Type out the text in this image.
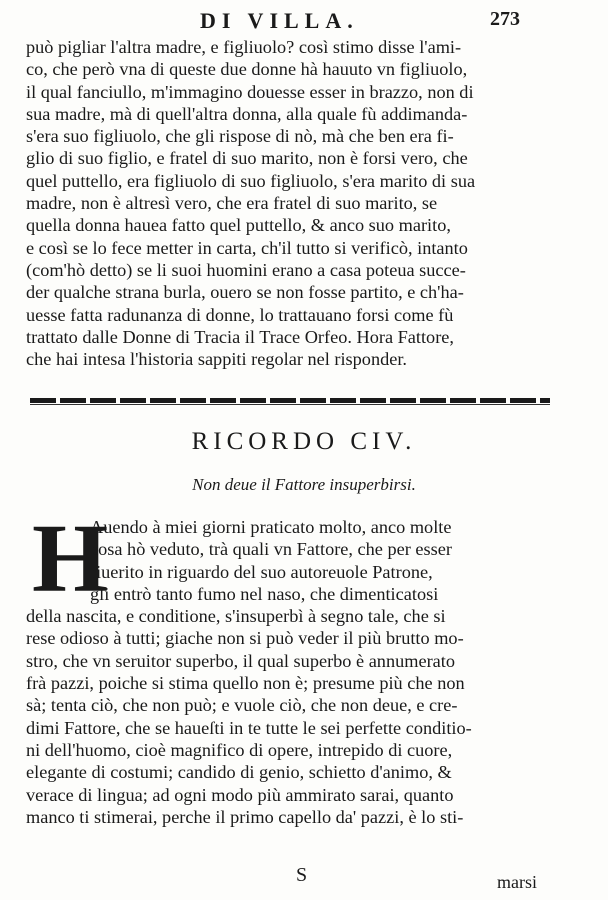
DI VILLA.	273
può pigliar l'altra madre, e figliuolo? così stimo disse l'ami-
co, che però vna di queste due donne hà hauuto vn figliuolo,
il qual fanciullo, m'immagino douesse esser in brazzo, non di
sua madre, mà di quell'altra donna, alla quale fù addimanda-
s'era suo figliuolo, che gli rispose di nò, mà che ben era fi-
glio di suo figlio, e fratel di suo marito, non è forsi vero, che
quel puttello, era figliuolo di suo figliuolo, s'era marito di sua
madre, non è altresì vero, che era fratel di suo marito, se
quella donna hauea fatto quel puttello, & anco suo marito,
e così se lo fece metter in carta, ch'il tutto si verificò, intanto
(com'hò detto) se li suoi huomini erano a casa poteua succe-
der qualche strana burla, ouero se non fosse partito, e ch'ha-
uesse fatta radunanza di donne, lo trattauano forsi come fù
trattato dalle Donne di Tracia il Trace Orfeo. Hora Fattore,
che hai intesa l'historia sappiti regolar nel risponder.
RICORDO CIV.
Non deue il Fattore insuperbirsi.
H
Auendo à miei giorni praticato molto, anco molte
cosa hò veduto, trà quali vn Fattore, che per esser
riuerito in riguardo del suo autoreuole Patrone,
gli entrò tanto fumo nel naso, che dimenticatosi
della nascita, e conditione, s'insuperbì à segno tale, che si
rese odioso à tutti; giache non si può veder il più brutto mo-
stro, che vn seruitor superbo, il qual superbo è annumerato
frà pazzi, poiche si stima quello non è; presume più che non
sà; tenta ciò, che non può; e vuole ciò, che non deue, e cre-
dimi Fattore, che se haueſti in te tutte le sei perfette conditio-
ni dell'huomo, cioè magnifico di opere, intrepido di cuore,
elegante di costumi; candido di genio, schietto d'animo, &
verace di lingua; ad ogni modo più ammirato sarai, quanto
manco ti stimerai, perche il primo capello da' pazzi, è lo sti-
S	marsi
